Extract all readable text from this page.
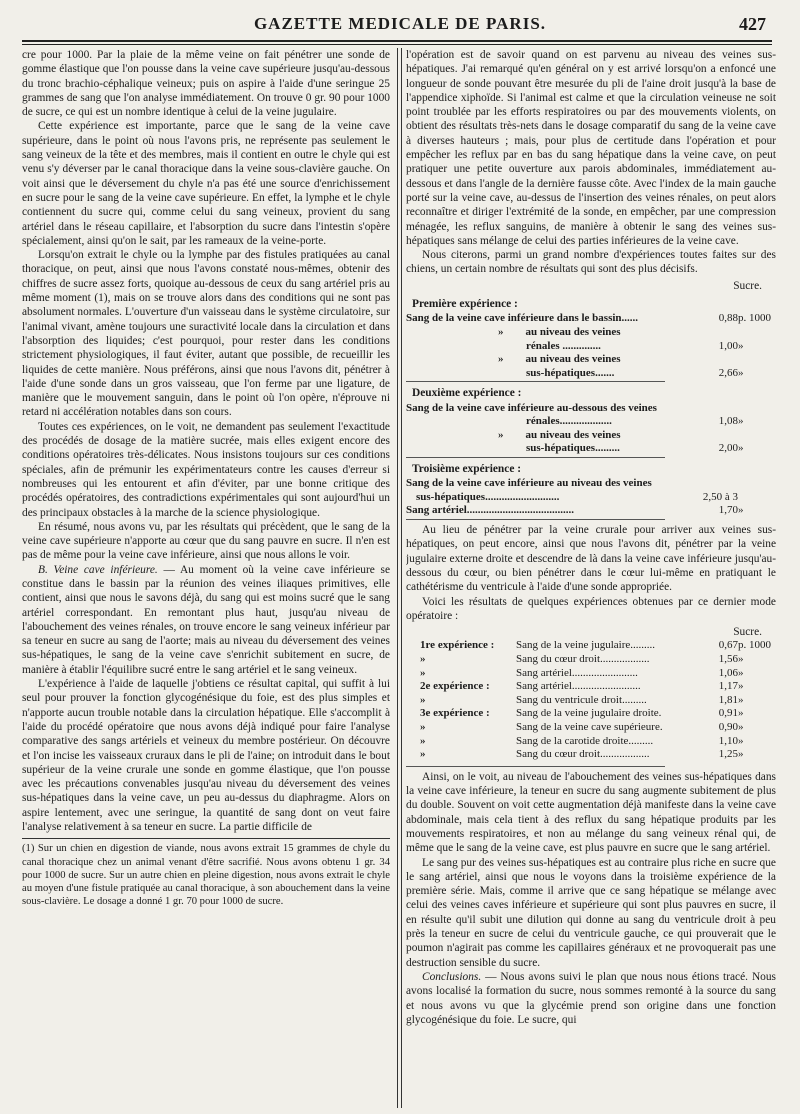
GAZETTE MEDICALE DE PARIS.	427

cre pour 1000. Par la plaie de la même veine on fait pénétrer une sonde de gomme élastique que l'on pousse dans la veine cave supérieure jusqu'au-dessous du tronc brachio-céphalique veineux; puis on aspire à l'aide d'une seringue 25 grammes de sang que l'on analyse immédiatement. On trouve 0 gr. 90 pour 1000 de sucre, ce qui est un nombre identique à celui de la veine jugulaire.

Cette expérience est importante, parce que le sang de la veine cave supérieure, dans le point où nous l'avons pris, ne représente pas seulement le sang veineux de la tête et des membres, mais il contient en outre le chyle qui est venu s'y déverser par le canal thoracique dans la veine sous-clavière gauche. On voit ainsi que le déversement du chyle n'a pas été une source d'enrichissement en sucre pour le sang de la veine cave supérieure. En effet, la lymphe et le chyle contiennent du sucre qui, comme celui du sang veineux, provient du sang artériel dans le réseau capillaire, et l'absorption du sucre dans l'intestin s'opère spécialement, ainsi qu'on le sait, par les rameaux de la veine-porte.

Lorsqu'on extrait le chyle ou la lymphe par des fistules pratiquées au canal thoracique, on peut, ainsi que nous l'avons constaté nous-mêmes, obtenir des chiffres de sucre assez forts, quoique au-dessous de ceux du sang artériel pris au même moment (1), mais on se trouve alors dans des conditions qui ne sont pas absolument normales. L'ouverture d'un vaisseau dans le système circulatoire, sur l'animal vivant, amène toujours une suractivité locale dans la circulation et dans l'absorption des liquides; c'est pourquoi, pour rester dans les conditions strictement physiologiques, il faut éviter, autant que possible, de recueillir les liquides de cette manière. Nous préférons, ainsi que nous l'avons dit, pénétrer à l'aide d'une sonde dans un gros vaisseau, que l'on ferme par une ligature, de manière que le mouvement sanguin, dans le point où l'on opère, n'éprouve ni retard ni accélération notables dans son cours.

Toutes ces expériences, on le voit, ne demandent pas seulement l'exactitude des procédés de dosage de la matière sucrée, mais elles exigent encore des conditions opératoires très-délicates. Nous insistons toujours sur ces conditions spéciales, afin de prémunir les expérimentateurs contre les causes d'erreur si nombreuses qui les entourent et afin d'éviter, par une bonne critique des procédés opératoires, des contradictions expérimentales qui sont aujourd'hui un des principaux obstacles à la marche de la science physiologique.

En résumé, nous avons vu, par les résultats qui précèdent, que le sang de la veine cave supérieure n'apporte au cœur que du sang pauvre en sucre. Il n'en est pas de même pour la veine cave inférieure, ainsi que nous allons le voir.

B. Veine cave inférieure. — Au moment où la veine cave inférieure se constitue dans le bassin par la réunion des veines iliaques primitives, elle contient, ainsi que nous le savons déjà, du sang qui est moins sucré que le sang artériel correspondant. En remontant plus haut, jusqu'au niveau de l'abouchement des veines rénales, on trouve encore le sang veineux inférieur par sa teneur en sucre au sang de l'aorte; mais au niveau du déversement des veines sus-hépatiques, le sang de la veine cave s'enrichit subitement en sucre, de manière à établir l'équilibre sucré entre le sang artériel et le sang veineux.

L'expérience à l'aide de laquelle j'obtiens ce résultat capital, qui suffit à lui seul pour prouver la fonction glycogénésique du foie, est des plus simples et n'apporte aucun trouble notable dans la circulation hépatique. Elle s'accomplit à l'aide du procédé opératoire que nous avons déjà indiqué pour faire l'analyse comparative des sangs artériels et veineux du membre postérieur. On découvre et l'on incise les vaisseaux cruraux dans le pli de l'aine; on introduit dans le bout supérieur de la veine crurale une sonde en gomme élastique, que l'on pousse avec les précautions convenables jusqu'au niveau du déversement des veines sus-hépatiques dans la veine cave, un peu au-dessus du diaphragme. Alors on aspire lentement, avec une seringue, la quantité de sang dont on veut faire l'analyse relativement à sa teneur en sucre. La partie difficile de

(1) Sur un chien en digestion de viande, nous avons extrait 15 grammes de chyle du canal thoracique chez un animal venant d'être sacrifié. Nous avons obtenu 1 gr. 34 pour 1000 de sucre. Sur un autre chien en pleine digestion, nous avons extrait le chyle au moyen d'une fistule pratiquée au canal thoracique, à son abouchement dans la veine sous-clavière. Le dosage a donné 1 gr. 70 pour 1000 de sucre.

l'opération est de savoir quand on est parvenu au niveau des veines sus-hépatiques. J'ai remarqué qu'en général on y est arrivé lorsqu'on a enfoncé une longueur de sonde pouvant être mesurée du pli de l'aine droit jusqu'à la base de l'appendice xiphoïde. Si l'animal est calme et que la circulation veineuse ne soit point troublée par les efforts respiratoires ou par des mouvements violents, on obtient des résultats très-nets dans le dosage comparatif du sang de la veine cave à diverses hauteurs ; mais, pour plus de certitude dans l'opération et pour empêcher les reflux par en bas du sang hépatique dans la veine cave, on peut pratiquer une petite ouverture aux parois abdominales, immédiatement au-dessous et dans l'angle de la dernière fausse côte. Avec l'index de la main gauche porté sur la veine cave, au-dessus de l'insertion des veines rénales, on peut alors reconnaître et diriger l'extrémité de la sonde, en empêcher, par une compression ménagée, les reflux sanguins, de manière à obtenir le sang des veines sus-hépatiques sans mélange de celui des parties inférieures de la veine cave.

Nous citerons, parmi un grand nombre d'expériences toutes faites sur des chiens, un certain nombre de résultats qui sont des plus décisifs.

Sucre.
Première expérience :
Sang de la veine cave inférieure dans le bassin......	0,88	p. 1000
» au niveau des veines		
rénales ..............	1,00	»
» au niveau des veines		
sus-hépatiques.......	2,66	»
Deuxième expérience :
Sang de la veine cave inférieure au-dessous des veines		
rénales...................	1,08	»
» au niveau des veines		
sus-hépatiques.........	2,00	»
Troisième expérience :
Sang de la veine cave inférieure au niveau des veines		
sus-hépatiques...........................	2,50 à 3	
Sang artériel.......................................	1,70	»

Au lieu de pénétrer par la veine crurale pour arriver aux veines sus-hépatiques, on peut encore, ainsi que nous l'avons dit, pénétrer par la veine jugulaire externe droite et descendre de là dans la veine cave inférieure jusqu'au-dessous du cœur, ou bien pénétrer dans le cœur lui-même en pratiquant le cathétérisme du ventricule à l'aide d'une sonde appropriée.

Voici les résultats de quelques expériences obtenues par ce dernier mode opératoire :

Sucre.
1re expérience :	Sang de la veine jugulaire.........	0,67	p. 1000
»	Sang du cœur droit..................	1,56	»
»	Sang artériel........................	1,06	»
2e expérience :	Sang artériel.........................	1,17	»
»	Sang du ventricule droit.........	1,81	»
3e expérience :	Sang de la veine jugulaire droite.	0,91	»
»	Sang de la veine cave supérieure.	0,90	»
»	Sang de la carotide droite.........	1,10	»
»	Sang du cœur droit..................	1,25	»

Ainsi, on le voit, au niveau de l'abouchement des veines sus-hépatiques dans la veine cave inférieure, la teneur en sucre du sang augmente subitement de plus du double. Souvent on voit cette augmentation déjà manifeste dans la veine cave abdominale, mais cela tient à des reflux du sang hépatique produits par les mouvements respiratoires, et non au mélange du sang veineux rénal qui, de même que le sang de la veine cave, est plus pauvre en sucre que le sang artériel.

Le sang pur des veines sus-hépatiques est au contraire plus riche en sucre que le sang artériel, ainsi que nous le voyons dans la troisième expérience de la première série. Mais, comme il arrive que ce sang hépatique se mélange avec celui des veines caves inférieure et supérieure qui sont plus pauvres en sucre, il en résulte qu'il subit une dilution qui donne au sang du ventricule droit à peu près la teneur en sucre de celui du ventricule gauche, ce qui prouverait que le poumon n'agirait pas comme les capillaires généraux et ne provoquerait pas une destruction sensible du sucre.

Conclusions. — Nous avons suivi le plan que nous nous étions tracé. Nous avons localisé la formation du sucre, nous sommes remonté à la source du sang et nous avons vu que la glycémie prend son origine dans une fonction glycogénésique du foie. Le sucre, qui
